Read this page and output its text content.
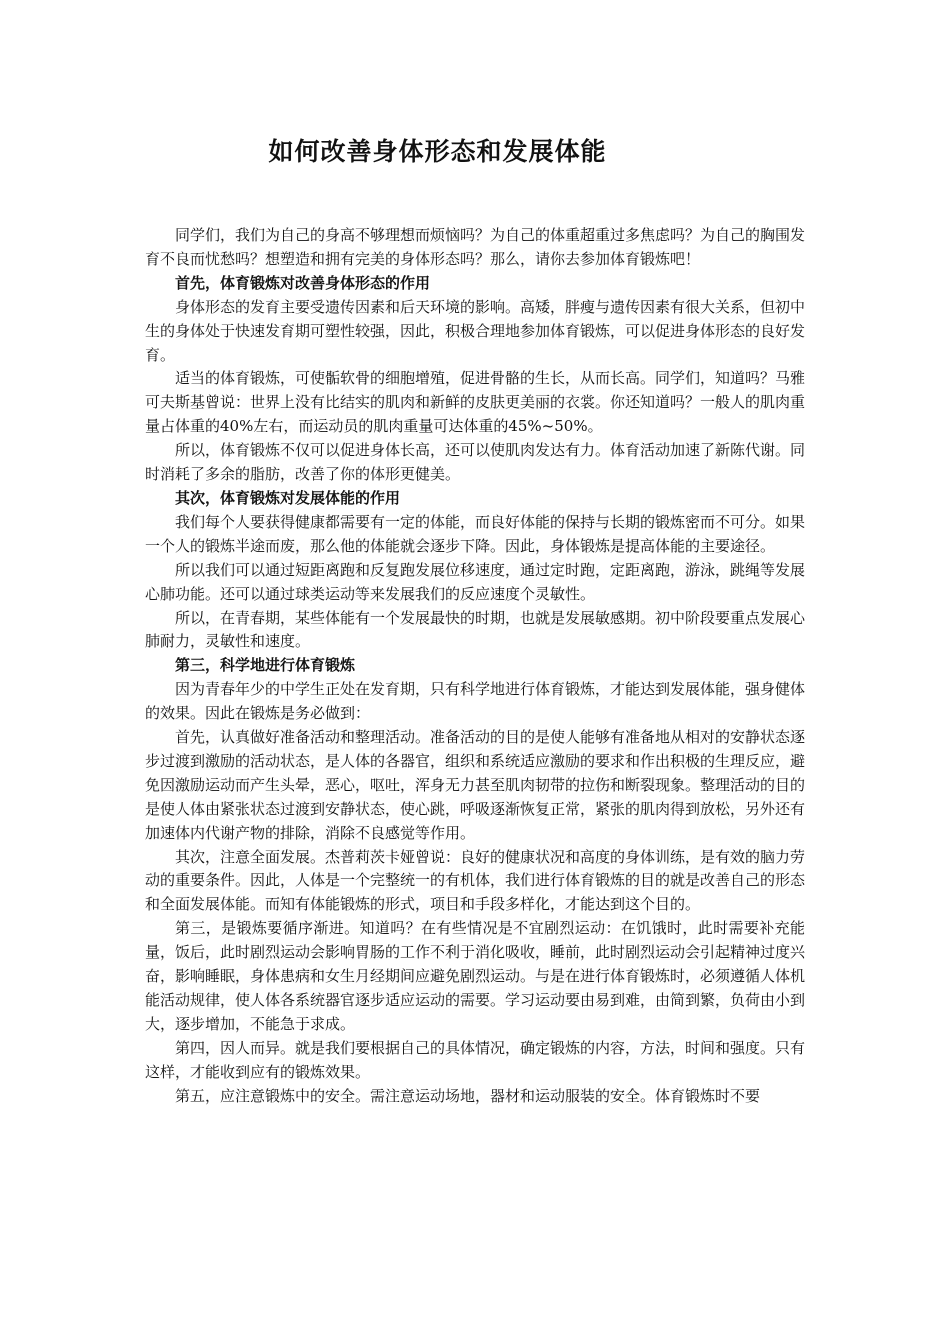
如何改善身体形态和发展体能

同学们，我们为自己的身高不够理想而烦恼吗？为自己的体重超重过多焦虑吗？为自己的胸围发育不良而忧愁吗？想塑造和拥有完美的身体形态吗？那么，请你去参加体育锻炼吧！

首先，体育锻炼对改善身体形态的作用

身体形态的发育主要受遗传因素和后天环境的影响。高矮，胖瘦与遗传因素有很大关系，但初中生的身体处于快速发育期可塑性较强，因此，积极合理地参加体育锻炼，可以促进身体形态的良好发育。

适当的体育锻炼，可使骺软骨的细胞增殖，促进骨骼的生长，从而长高。同学们，知道吗？马雅可夫斯基曾说：世界上没有比结实的肌肉和新鲜的皮肤更美丽的衣裳。你还知道吗？一般人的肌肉重量占体重的40%左右，而运动员的肌肉重量可达体重的45%~50%。

所以，体育锻炼不仅可以促进身体长高，还可以使肌肉发达有力。体育活动加速了新陈代谢。同时消耗了多余的脂肪，改善了你的体形更健美。

其次，体育锻炼对发展体能的作用

我们每个人要获得健康都需要有一定的体能，而良好体能的保持与长期的锻炼密而不可分。如果一个人的锻炼半途而废，那么他的体能就会逐步下降。因此，身体锻炼是提高体能的主要途径。

所以我们可以通过短距离跑和反复跑发展位移速度，通过定时跑，定距离跑，游泳，跳绳等发展心肺功能。还可以通过球类运动等来发展我们的反应速度个灵敏性。

所以，在青春期，某些体能有一个发展最快的时期，也就是发展敏感期。初中阶段要重点发展心肺耐力，灵敏性和速度。

第三，科学地进行体育锻炼

因为青春年少的中学生正处在发育期，只有科学地进行体育锻炼，才能达到发展体能，强身健体的效果。因此在锻炼是务必做到：

首先，认真做好准备活动和整理活动。准备活动的目的是使人能够有准备地从相对的安静状态逐步过渡到激励的活动状态，是人体的各器官，组织和系统适应激励的要求和作出积极的生理反应，避免因激励运动而产生头晕，恶心，呕吐，浑身无力甚至肌肉韧带的拉伤和断裂现象。整理活动的目的是使人体由紧张状态过渡到安静状态，使心跳，呼吸逐渐恢复正常，紧张的肌肉得到放松，另外还有加速体内代谢产物的排除，消除不良感觉等作用。

其次，注意全面发展。杰普莉茨卡娅曾说：良好的健康状况和高度的身体训练，是有效的脑力劳动的重要条件。因此，人体是一个完整统一的有机体，我们进行体育锻炼的目的就是改善自己的形态和全面发展体能。而知有体能锻炼的形式，项目和手段多样化，才能达到这个目的。

第三，是锻炼要循序渐进。知道吗？在有些情况是不宜剧烈运动：在饥饿时，此时需要补充能量，饭后，此时剧烈运动会影响胃肠的工作不利于消化吸收，睡前，此时剧烈运动会引起精神过度兴奋，影响睡眠，身体患病和女生月经期间应避免剧烈运动。与是在进行体育锻炼时，必须遵循人体机能活动规律，使人体各系统器官逐步适应运动的需要。学习运动要由易到难，由简到繁，负荷由小到大，逐步增加，不能急于求成。

第四，因人而异。就是我们要根据自己的具体情况，确定锻炼的内容，方法，时间和强度。只有这样，才能收到应有的锻炼效果。

第五，应注意锻炼中的安全。需注意运动场地，器材和运动服装的安全。体育锻炼时不要
